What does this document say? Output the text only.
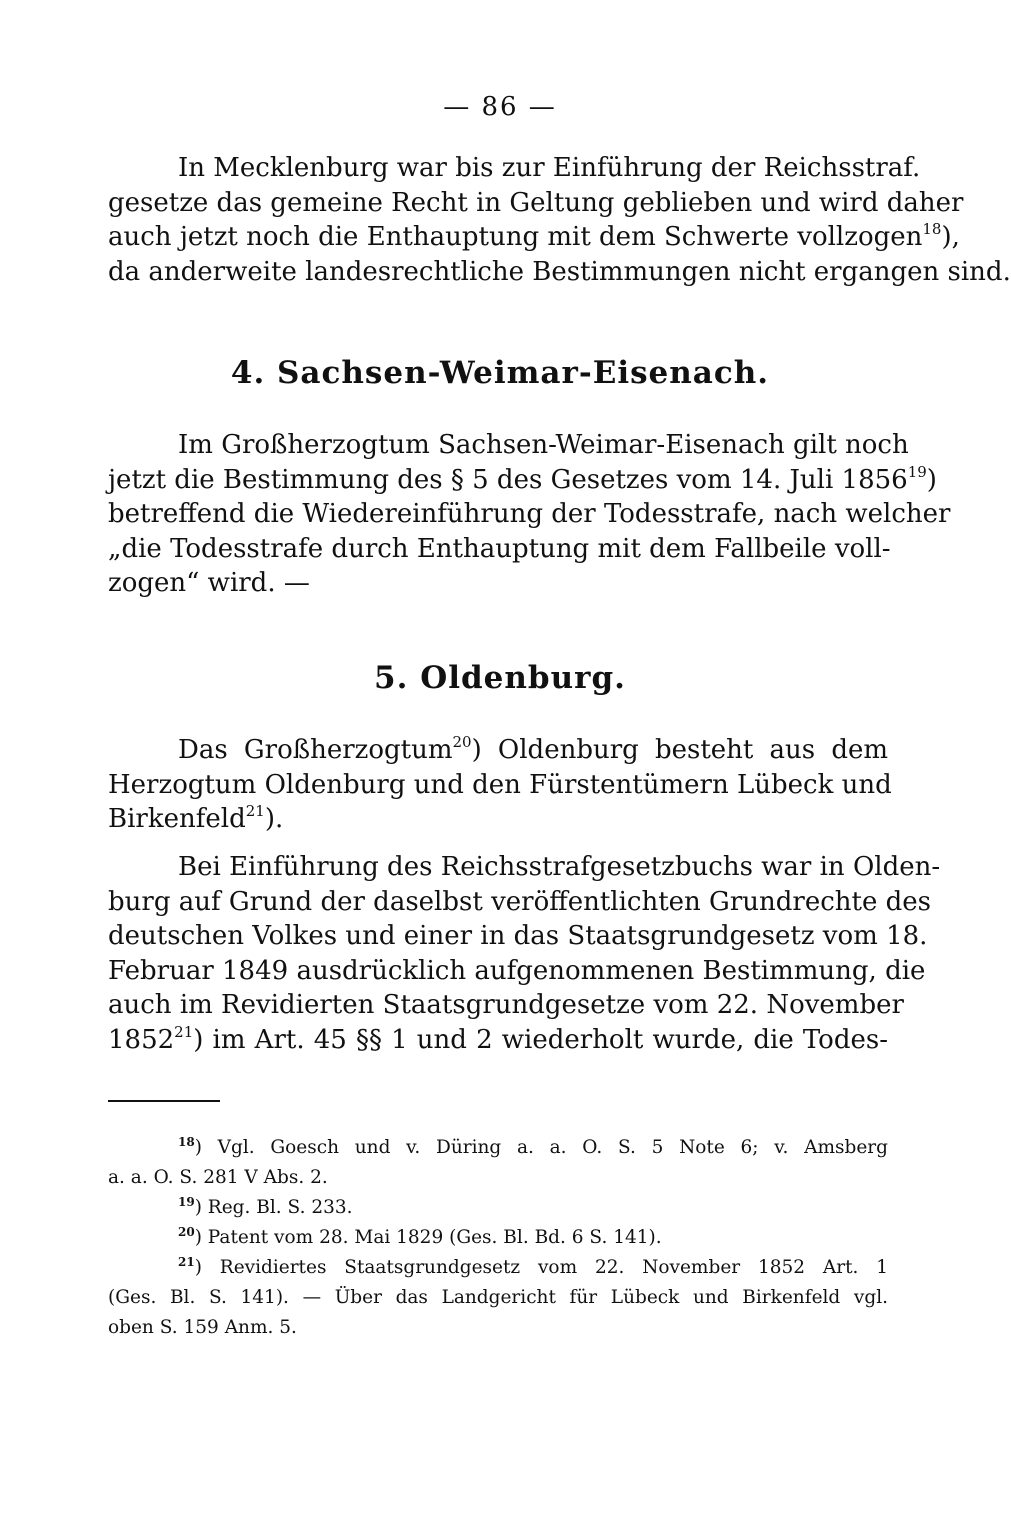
— 86 —
In Mecklenburg war bis zur Einführung der Reichsstraf.
gesetze das gemeine Recht in Geltung geblieben und wird daher
auch jetzt noch die Enthauptung mit dem Schwerte vollzogen$^{18}$),
da anderweite landesrechtliche Bestimmungen nicht ergangen sind.
4. Sachsen-Weimar-Eisenach.
Im Großherzogtum Sachsen-Weimar-Eisenach gilt noch
jetzt die Bestimmung des § 5 des Gesetzes vom 14. Juli 1856$^{19}$)
betreffend die Wiedereinführung der Todesstrafe, nach welcher
„die Todesstrafe durch Enthauptung mit dem Fallbeile voll-
zogen“ wird. —
5. Oldenburg.
Das Großherzogtum$^{20}$) Oldenburg besteht aus dem
Herzogtum Oldenburg und den Fürstentümern Lübeck und
Birkenfeld$^{21}$).
Bei Einführung des Reichsstrafgesetzbuchs war in Olden-
burg auf Grund der daselbst veröffentlichten Grundrechte des
deutschen Volkes und einer in das Staatsgrundgesetz vom 18.
Februar 1849 ausdrücklich aufgenommenen Bestimmung, die
auch im Revidierten Staatsgrundgesetze vom 22. November
1852$^{21}$) im Art. 45 §§ 1 und 2 wiederholt wurde, die Todes-
$^{18}$) Vgl. Goesch und v. Düring a. a. O. S. 5 Note 6; v. Amsberg
a. a. O. S. 281 V Abs. 2.
$^{19}$) Reg. Bl. S. 233.
$^{20}$) Patent vom 28. Mai 1829 (Ges. Bl. Bd. 6 S. 141).
$^{21}$) Revidiertes Staatsgrundgesetz vom 22. November 1852 Art. 1
(Ges. Bl. S. 141). — Über das Landgericht für Lübeck und Birkenfeld vgl.
oben S. 159 Anm. 5.
